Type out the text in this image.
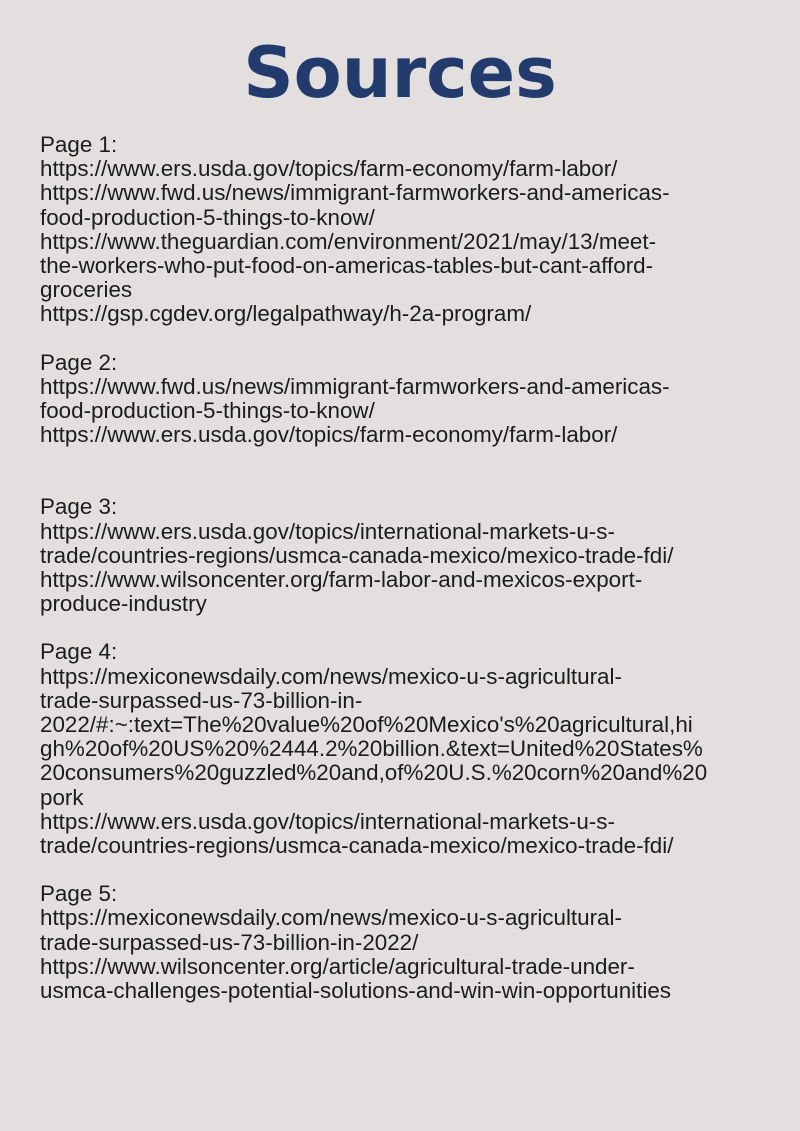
Sources
Page 1:
https://www.ers.usda.gov/topics/farm-economy/farm-labor/
https://www.fwd.us/news/immigrant-farmworkers-and-americas-
food-production-5-things-to-know/
https://www.theguardian.com/environment/2021/may/13/meet-
the-workers-who-put-food-on-americas-tables-but-cant-afford-
groceries
https://gsp.cgdev.org/legalpathway/h-2a-program/
Page 2:
https://www.fwd.us/news/immigrant-farmworkers-and-americas-
food-production-5-things-to-know/
https://www.ers.usda.gov/topics/farm-economy/farm-labor/
Page 3:
https://www.ers.usda.gov/topics/international-markets-u-s-
trade/countries-regions/usmca-canada-mexico/mexico-trade-fdi/
https://www.wilsoncenter.org/farm-labor-and-mexicos-export-
produce-industry
Page 4:
https://mexiconewsdaily.com/news/mexico-u-s-agricultural-
trade-surpassed-us-73-billion-in-
2022/#:~:text=The%20value%20of%20Mexico's%20agricultural,hi
gh%20of%20US%20%2444.2%20billion.&text=United%20States%
20consumers%20guzzled%20and,of%20U.S.%20corn%20and%20
pork
https://www.ers.usda.gov/topics/international-markets-u-s-
trade/countries-regions/usmca-canada-mexico/mexico-trade-fdi/
Page 5:
https://mexiconewsdaily.com/news/mexico-u-s-agricultural-
trade-surpassed-us-73-billion-in-2022/
https://www.wilsoncenter.org/article/agricultural-trade-under-
usmca-challenges-potential-solutions-and-win-win-opportunities
